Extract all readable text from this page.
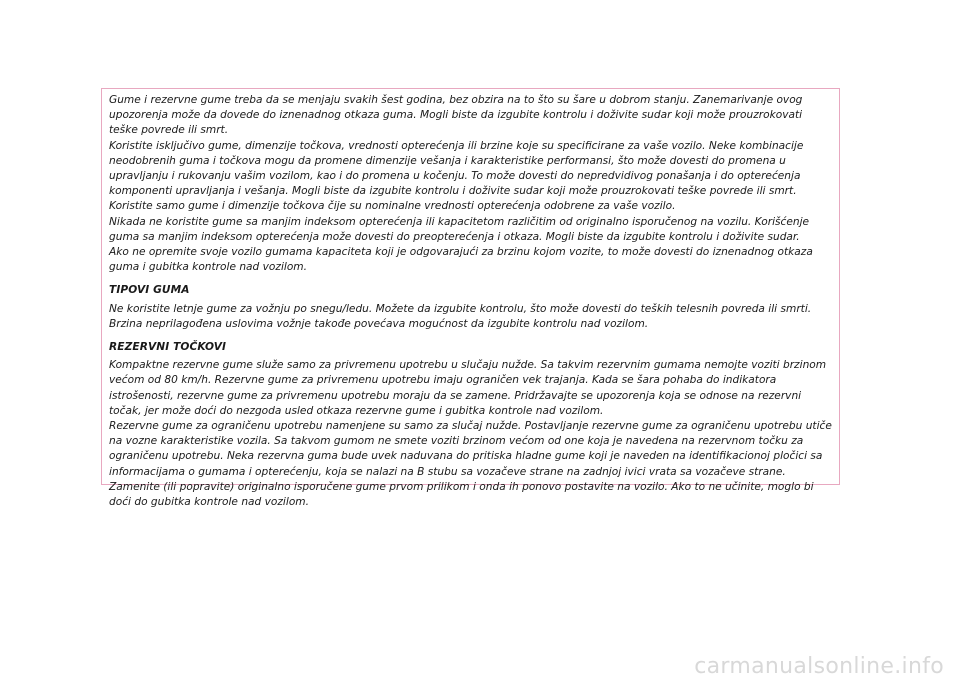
Gume i rezervne gume treba da se menjaju svakih šest godina, bez obzira na to što su šare u dobrom stanju. Zanemarivanje ovog upozorenja može da dovede do iznenadnog otkaza guma. Mogli biste da izgubite kontrolu i doživite sudar koji može prouzrokovati teške povrede ili smrt.

Koristite isključivo gume, dimenzije točkova, vrednosti opterećenja ili brzine koje su specificirane za vaše vozilo. Neke kombinacije neodobrenih guma i točkova mogu da promene dimenzije vešanja i karakteristike performansi, što može dovesti do promena u upravljanju i rukovanju vašim vozilom, kao i do promena u kočenju. To može dovesti do nepredvidivog ponašanja i do opterećenja komponenti upravljanja i vešanja. Mogli biste da izgubite kontrolu i doživite sudar koji može prouzrokovati teške povrede ili smrt. Koristite samo gume i dimenzije točkova čije su nominalne vrednosti opterećenja odobrene za vaše vozilo.

Nikada ne koristite gume sa manjim indeksom opterećenja ili kapacitetom različitim od originalno isporučenog na vozilu. Korišćenje guma sa manjim indeksom opterećenja može dovesti do preopterećenja i otkaza. Mogli biste da izgubite kontrolu i doživite sudar.

Ako ne opremite svoje vozilo gumama kapaciteta koji je odgovarajući za brzinu kojom vozite, to može dovesti do iznenadnog otkaza guma i gubitka kontrole nad vozilom.

TIPOVI GUMA

Ne koristite letnje gume za vožnju po snegu/ledu. Možete da izgubite kontrolu, što može dovesti do teških telesnih povreda ili smrti. Brzina neprilagođena uslovima vožnje takođe povećava mogućnost da izgubite kontrolu nad vozilom.

REZERVNI TOČKOVI

Kompaktne rezervne gume služe samo za privremenu upotrebu u slučaju nužde. Sa takvim rezervnim gumama nemojte voziti brzinom većom od 80 km/h. Rezervne gume za privremenu upotrebu imaju ograničen vek trajanja. Kada se šara pohaba do indikatora istrošenosti, rezervne gume za privremenu upotrebu moraju da se zamene. Pridržavajte se upozorenja koja se odnose na rezervni točak, jer može doći do nezgoda usled otkaza rezervne gume i gubitka kontrole nad vozilom.

Rezervne gume za ograničenu upotrebu namenjene su samo za slučaj nužde. Postavljanje rezervne gume za ograničenu upotrebu utiče na vozne karakteristike vozila. Sa takvom gumom ne smete voziti brzinom većom od one koja je navedena na rezervnom točku za ograničenu upotrebu. Neka rezervna guma bude uvek naduvana do pritiska hladne gume koji je naveden na identifikacionoj pločici sa informacijama o gumama i opterećenju, koja se nalazi na B stubu sa vozačeve strane na zadnjoj ivici vrata sa vozačeve strane. Zamenite (ili popravite) originalno isporučene gume prvom prilikom i onda ih ponovo postavite na vozilo. Ako to ne učinite, moglo bi doći do gubitka kontrole nad vozilom.

carmanualsonline.info
